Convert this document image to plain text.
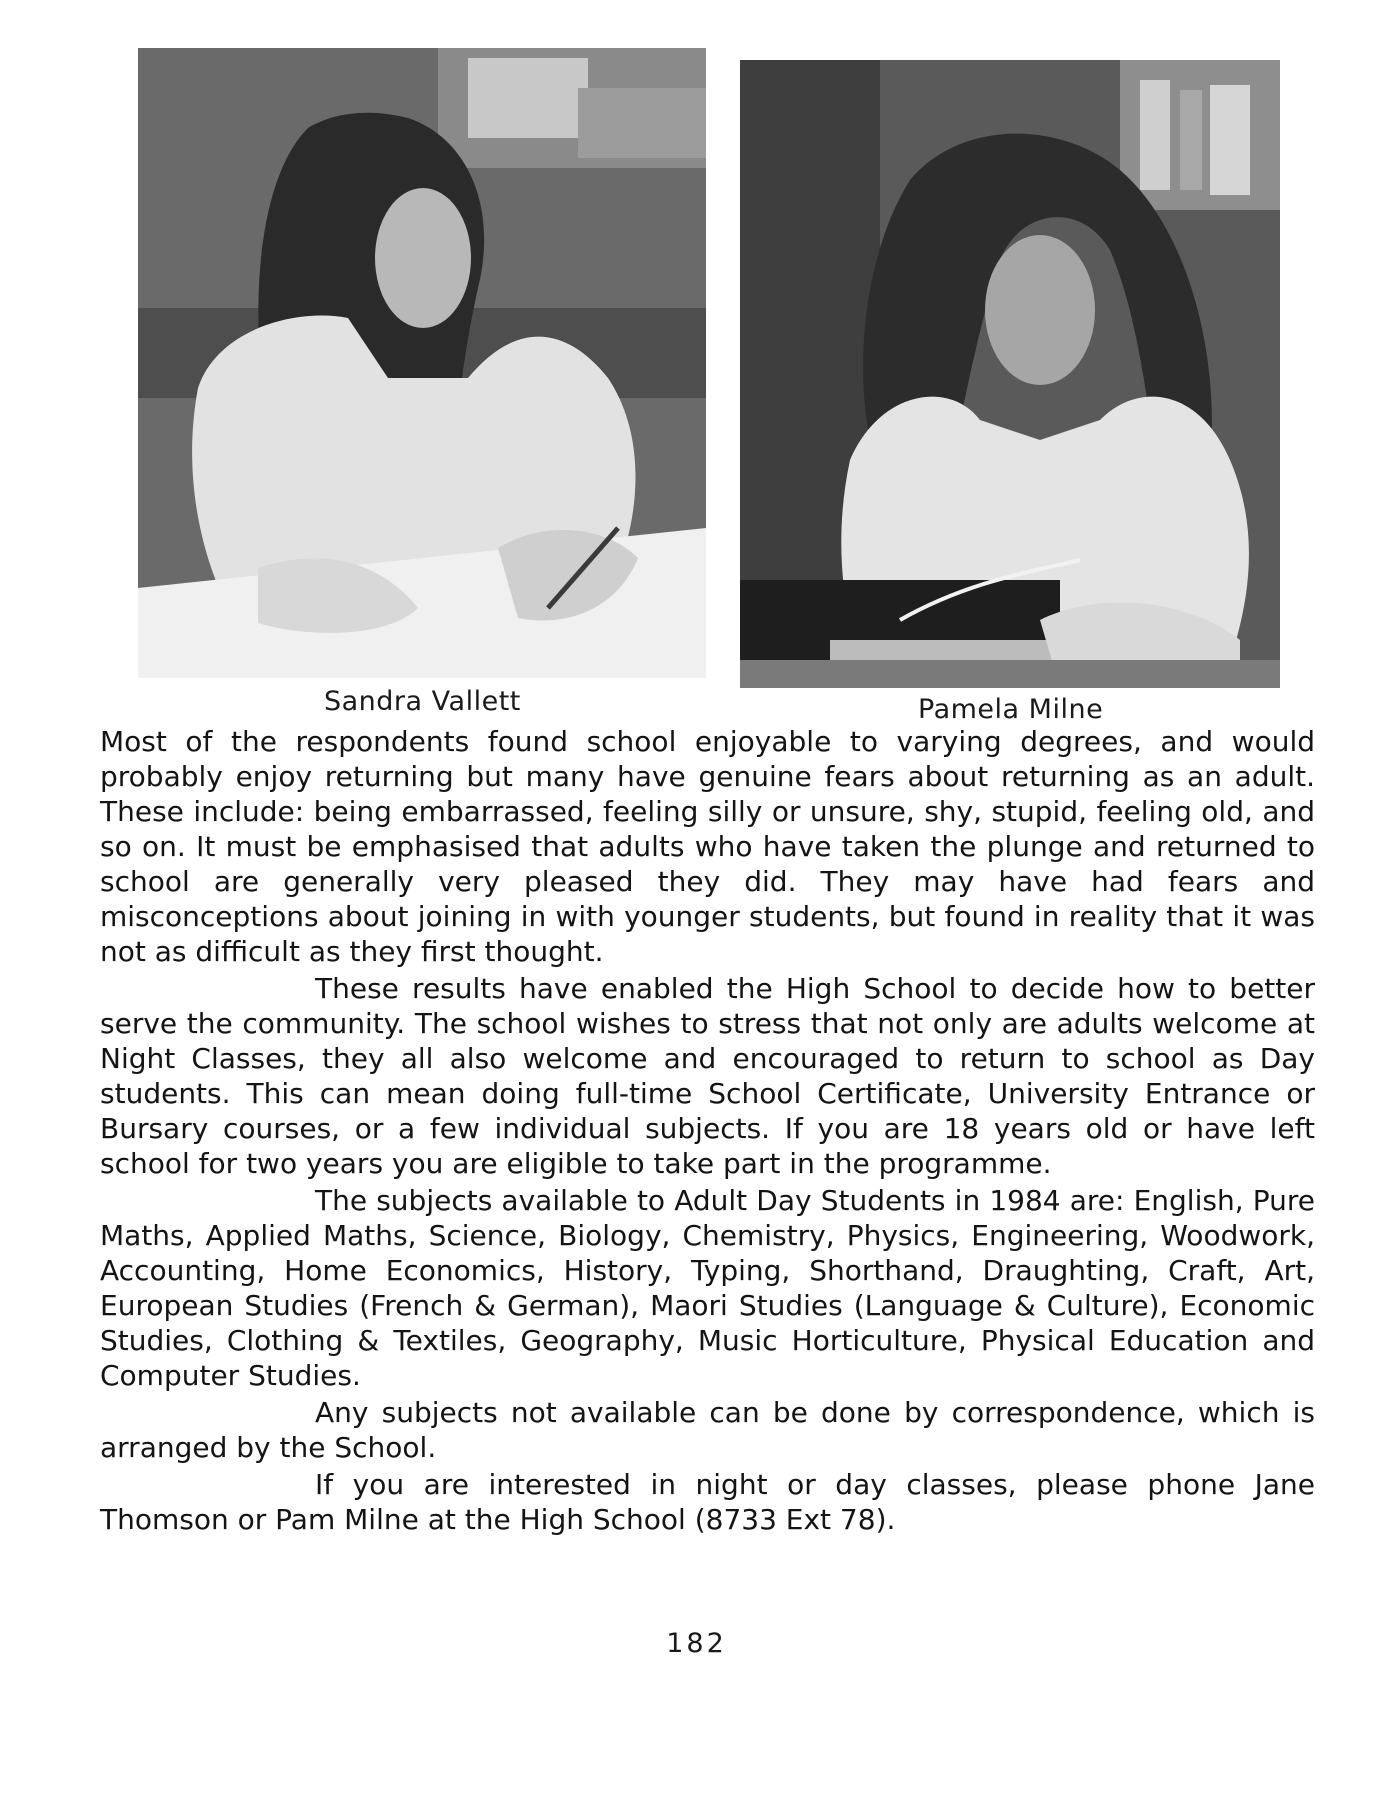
Sandra Vallett	Pamela Milne

Most of the respondents found school enjoyable to varying degrees, and would probably enjoy returning but many have genuine fears about returning as an adult. These include: being embarrassed, feeling silly or unsure, shy, stupid, feeling old, and so on. It must be emphasised that adults who have taken the plunge and returned to school are generally very pleased they did. They may have had fears and misconceptions about joining in with younger students, but found in reality that it was not as difficult as they first thought.

These results have enabled the High School to decide how to better serve the community. The school wishes to stress that not only are adults welcome at Night Classes, they all also welcome and encouraged to return to school as Day students. This can mean doing full-time School Certificate, University Entrance or Bursary courses, or a few individual subjects. If you are 18 years old or have left school for two years you are eligible to take part in the programme.

The subjects available to Adult Day Students in 1984 are: English, Pure Maths, Applied Maths, Science, Biology, Chemistry, Physics, Engineering, Woodwork, Accounting, Home Economics, History, Typing, Shorthand, Draughting, Craft, Art, European Studies (French & German), Maori Studies (Language & Culture), Economic Studies, Clothing & Textiles, Geography, Music Horticulture, Physical Education and Computer Studies.

Any subjects not available can be done by correspondence, which is arranged by the School.

If you are interested in night or day classes, please phone Jane Thomson or Pam Milne at the High School (8733 Ext 78).

182
